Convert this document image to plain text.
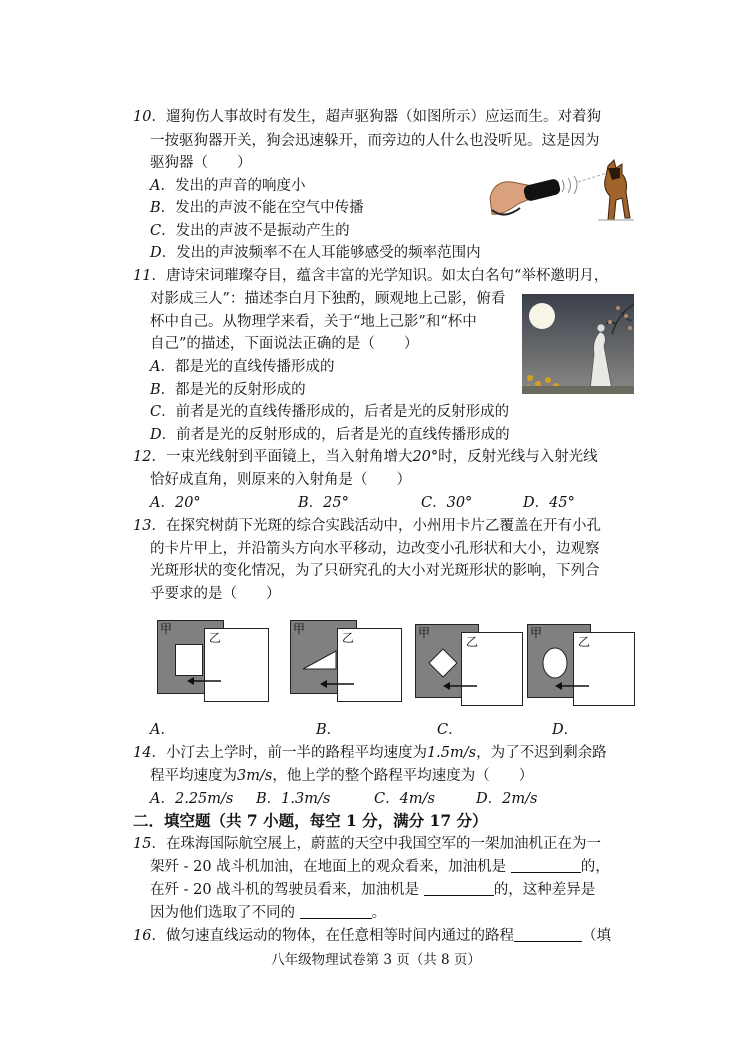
10．遛狗伤人事故时有发生，超声驱狗器（如图所示）应运而生。对着狗
一按驱狗器开关，狗会迅速躲开，而旁边的人什么也没听见。这是因为
驱狗器（　　）
A．发出的声音的响度小
B．发出的声波不能在空气中传播
C．发出的声波不是振动产生的
D．发出的声波频率不在人耳能够感受的频率范围内
11．唐诗宋词璀璨夺目，蕴含丰富的光学知识。如太白名句“举杯邀明月，
对影成三人”：描述李白月下独酌，顾观地上己影，俯看
杯中自己。从物理学来看，关于“地上己影”和“杯中
自己”的描述，下面说法正确的是（　　）
A．都是光的直线传播形成的
B．都是光的反射形成的
C．前者是光的直线传播形成的，后者是光的反射形成的
D．前者是光的反射形成的，后者是光的直线传播形成的
12．一束光线射到平面镜上，当入射角增大20°时，反射光线与入射光线
恰好成直角，则原来的入射角是（　　）
A．20°	B．25°	C．30°	D．45°
13．在探究树荫下光斑的综合实践活动中，小州用卡片乙覆盖在开有小孔
的卡片甲上，并沿箭头方向水平移动，边改变小孔形状和大小，边观察
光斑形状的变化情况，为了只研究孔的大小对光斑形状的影响，下列合
乎要求的是（　　）
甲
乙
甲
乙	甲
乙
甲
乙
A．	B．	C．	D．
14．小汀去上学时，前一半的路程平均速度为1.5m/s，为了不迟到剩余路
程平均速度为3m/s，他上学的整个路程平均速度为（　　）
A．2.25m/s B．1.3m/s	C．4m/s	D．2m/s
二．填空题（共 7 小题，每空 1 分，满分 17 分）
15．在珠海国际航空展上，蔚蓝的天空中我国空军的一架加油机正在为一
架歼 - 20 战斗机加油，在地面上的观众看来，加油机是	的，
在歼 - 20 战斗机的驾驶员看来，加油机是	的，这种差异是
因为他们选取了不同的	。
16．做匀速直线运动的物体，在任意相等时间内通过的路程	（填
八年级物理试卷第 3 页（共 8 页）
